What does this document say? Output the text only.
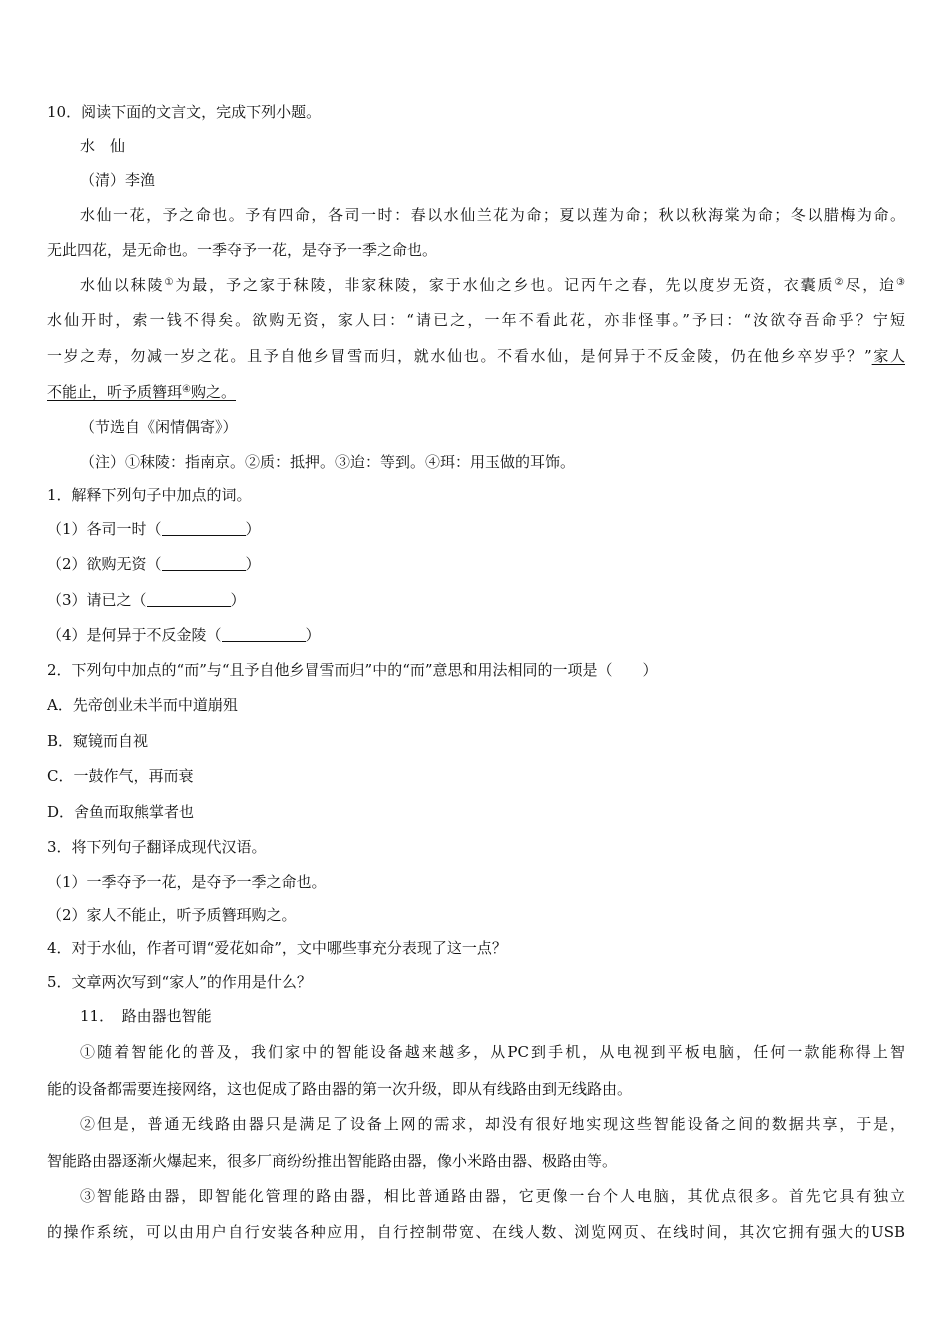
10．阅读下面的文言文，完成下列小题。
水　仙
（清）李渔
水仙一花，予之命也。予有四命，各司一时：春以水仙兰花为命；夏以莲为命；秋以秋海棠为命；冬以腊梅为命。
无此四花，是无命也。一季夺予一花，是夺予一季之命也。
水仙以秣陵①为最，予之家于秣陵，非家秣陵，家于水仙之乡也。记丙午之春，先以度岁无资，衣囊质②尽，迨③
水仙开时，索一钱不得矣。欲购无资，家人曰：“请已之，一年不看此花，亦非怪事。”予曰：“汝欲夺吾命乎？宁短
一岁之寿，勿减一岁之花。且予自他乡冒雪而归，就水仙也。不看水仙，是何异于不反金陵，仍在他乡卒岁乎？”家人
不能止，听予质簪珥④购之。
（节选自《闲情偶寄》）
（注）①秣陵：指南京。②质：抵押。③迨：等到。④珥：用玉做的耳饰。
1．解释下列句子中加点的词。
（1）各司一时（	）
（2）欲购无资（	）
（3）请已之（	）
（4）是何异于不反金陵（	）
2．下列句中加点的“而”与“且予自他乡冒雪而归”中的“而”意思和用法相同的一项是（　　）
A．先帝创业未半而中道崩殂
B．窥镜而自视
C．一鼓作气，再而衰
D．舍鱼而取熊掌者也
3．将下列句子翻译成现代汉语。
（1）一季夺予一花，是夺予一季之命也。
（2）家人不能止，听予质簪珥购之。
4．对于水仙，作者可谓“爱花如命”，文中哪些事充分表现了这一点？
5．文章两次写到“家人”的作用是什么？
11．　路由器也智能
①随着智能化的普及，我们家中的智能设备越来越多，从PC到手机，从电视到平板电脑，任何一款能称得上智
能的设备都需要连接网络，这也促成了路由器的第一次升级，即从有线路由到无线路由。
②但是，普通无线路由器只是满足了设备上网的需求，却没有很好地实现这些智能设备之间的数据共享，于是，
智能路由器逐渐火爆起来，很多厂商纷纷推出智能路由器，像小米路由器、极路由等。
③智能路由器，即智能化管理的路由器，相比普通路由器，它更像一台个人电脑，其优点很多。首先它具有独立
的操作系统，可以由用户自行安装各种应用，自行控制带宽、在线人数、浏览网页、在线时间，其次它拥有强大的USB
